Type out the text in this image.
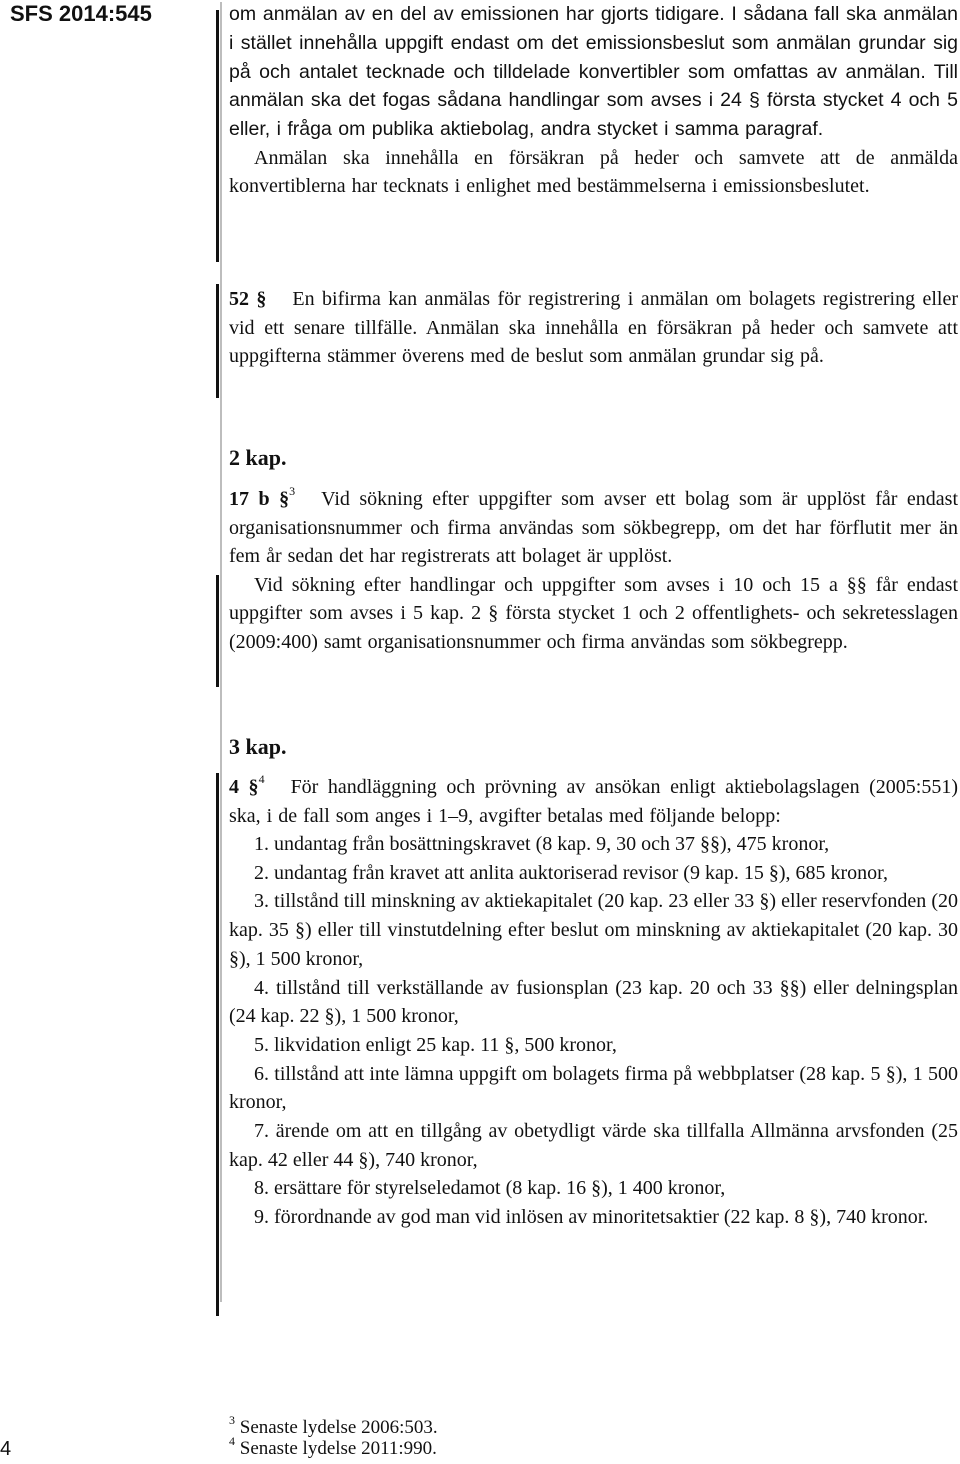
SFS 2014:545	om anmälan av en del av emissionen har gjorts tidigare. I sådana fall ska anmälan i stället innehålla uppgift endast om det emissionsbeslut som anmälan grundar sig på och antalet tecknade och tilldelade konvertibler som omfattas av anmälan. Till anmälan ska det fogas sådana handlingar som avses i 24 § första stycket 4 och 5 eller, i fråga om publika aktiebolag, andra stycket i samma paragraf.

Anmälan ska innehålla en försäkran på heder och samvete att de anmälda konvertiblerna har tecknats i enlighet med bestämmelserna i emissionsbeslutet.

52 § En bifirma kan anmälas för registrering i anmälan om bolagets registrering eller vid ett senare tillfälle. Anmälan ska innehålla en försäkran på heder och samvete att uppgifterna stämmer överens med de beslut som anmälan grundar sig på.

2 kap.

17 b §$^3$ Vid sökning efter uppgifter som avser ett bolag som är upplöst får endast organisationsnummer och firma användas som sökbegrepp, om det har förflutit mer än fem år sedan det har registrerats att bolaget är upplöst.

Vid sökning efter handlingar och uppgifter som avses i 10 och 15 a §§ får endast uppgifter som avses i 5 kap. 2 § första stycket 1 och 2 offentlighets- och sekretesslagen (2009:400) samt organisationsnummer och firma användas som sökbegrepp.

3 kap.

4 §$^4$ För handläggning och prövning av ansökan enligt aktiebolagslagen (2005:551) ska, i de fall som anges i 1–9, avgifter betalas med följande belopp:

1. undantag från bosättningskravet (8 kap. 9, 30 och 37 §§), 475 kronor,

2. undantag från kravet att anlita auktoriserad revisor (9 kap. 15 §), 685 kronor,

3. tillstånd till minskning av aktiekapitalet (20 kap. 23 eller 33 §) eller reservfonden (20 kap. 35 §) eller till vinstutdelning efter beslut om minskning av aktiekapitalet (20 kap. 30 §), 1 500 kronor,

4. tillstånd till verkställande av fusionsplan (23 kap. 20 och 33 §§) eller delningsplan (24 kap. 22 §), 1 500 kronor,

5. likvidation enligt 25 kap. 11 §, 500 kronor,

6. tillstånd att inte lämna uppgift om bolagets firma på webbplatser (28 kap. 5 §), 1 500 kronor,

7. ärende om att en tillgång av obetydligt värde ska tillfalla Allmänna arvsfonden (25 kap. 42 eller 44 §), 740 kronor,

8. ersättare för styrelseledamot (8 kap. 16 §), 1 400 kronor,

9. förordnande av god man vid inlösen av minoritetsaktier (22 kap. 8 §), 740 kronor.

$^3$ Senaste lydelse 2006:503.
$^4$ Senaste lydelse 2011:990.
4
